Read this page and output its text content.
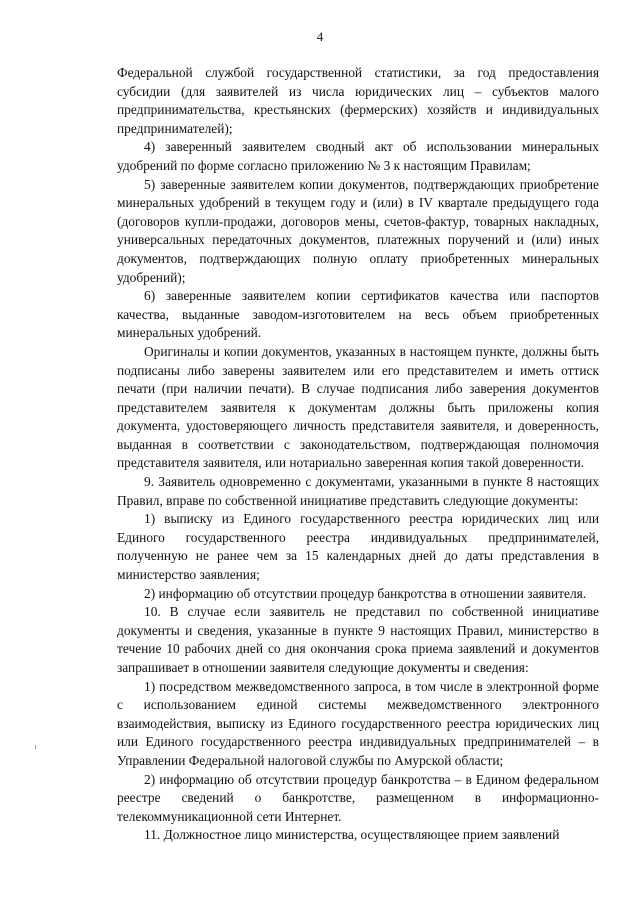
4

Федеральной службой государственной статистики, за год предоставления субсидии (для заявителей из числа юридических лиц – субъектов малого предпринимательства, крестьянских (фермерских) хозяйств и индивидуальных предпринимателей);

4) заверенный заявителем сводный акт об использовании минеральных удобрений по форме согласно приложению № 3 к настоящим Правилам;

5) заверенные заявителем копии документов, подтверждающих приобретение минеральных удобрений в текущем году и (или) в IV квартале предыдущего года (договоров купли-продажи, договоров мены, счетов-фактур, товарных накладных, универсальных передаточных документов, платежных поручений и (или) иных документов, подтверждающих полную оплату приобретенных минеральных удобрений);

6) заверенные заявителем копии сертификатов качества или паспортов качества, выданные заводом-изготовителем на весь объем приобретенных минеральных удобрений.

Оригиналы и копии документов, указанных в настоящем пункте, должны быть подписаны либо заверены заявителем или его представителем и иметь оттиск печати (при наличии печати). В случае подписания либо заверения документов представителем заявителя к документам должны быть приложены копия документа, удостоверяющего личность представителя заявителя, и доверенность, выданная в соответствии с законодательством, подтверждающая полномочия представителя заявителя, или нотариально заверенная копия такой доверенности.

9. Заявитель одновременно с документами, указанными в пункте 8 настоящих Правил, вправе по собственной инициативе представить следующие документы:

1) выписку из Единого государственного реестра юридических лиц или Единого государственного реестра индивидуальных предпринимателей, полученную не ранее чем за 15 календарных дней до даты представления в министерство заявления;

2) информацию об отсутствии процедур банкротства в отношении заявителя.

10. В случае если заявитель не представил по собственной инициативе документы и сведения, указанные в пункте 9 настоящих Правил, министерство в течение 10 рабочих дней со дня окончания срока приема заявлений и документов запрашивает в отношении заявителя следующие документы и сведения:

1) посредством межведомственного запроса, в том числе в электронной форме с использованием единой системы межведомственного электронного взаимодействия, выписку из Единого государственного реестра юридических лиц или Единого государственного реестра индивидуальных предпринимателей – в Управлении Федеральной налоговой службы по Амурской области;

2) информацию об отсутствии процедур банкротства – в Едином федеральном реестре сведений о банкротстве, размещенном в информационно-телекоммуникационной сети Интернет.

11. Должностное лицо министерства, осуществляющее прием заявлений
